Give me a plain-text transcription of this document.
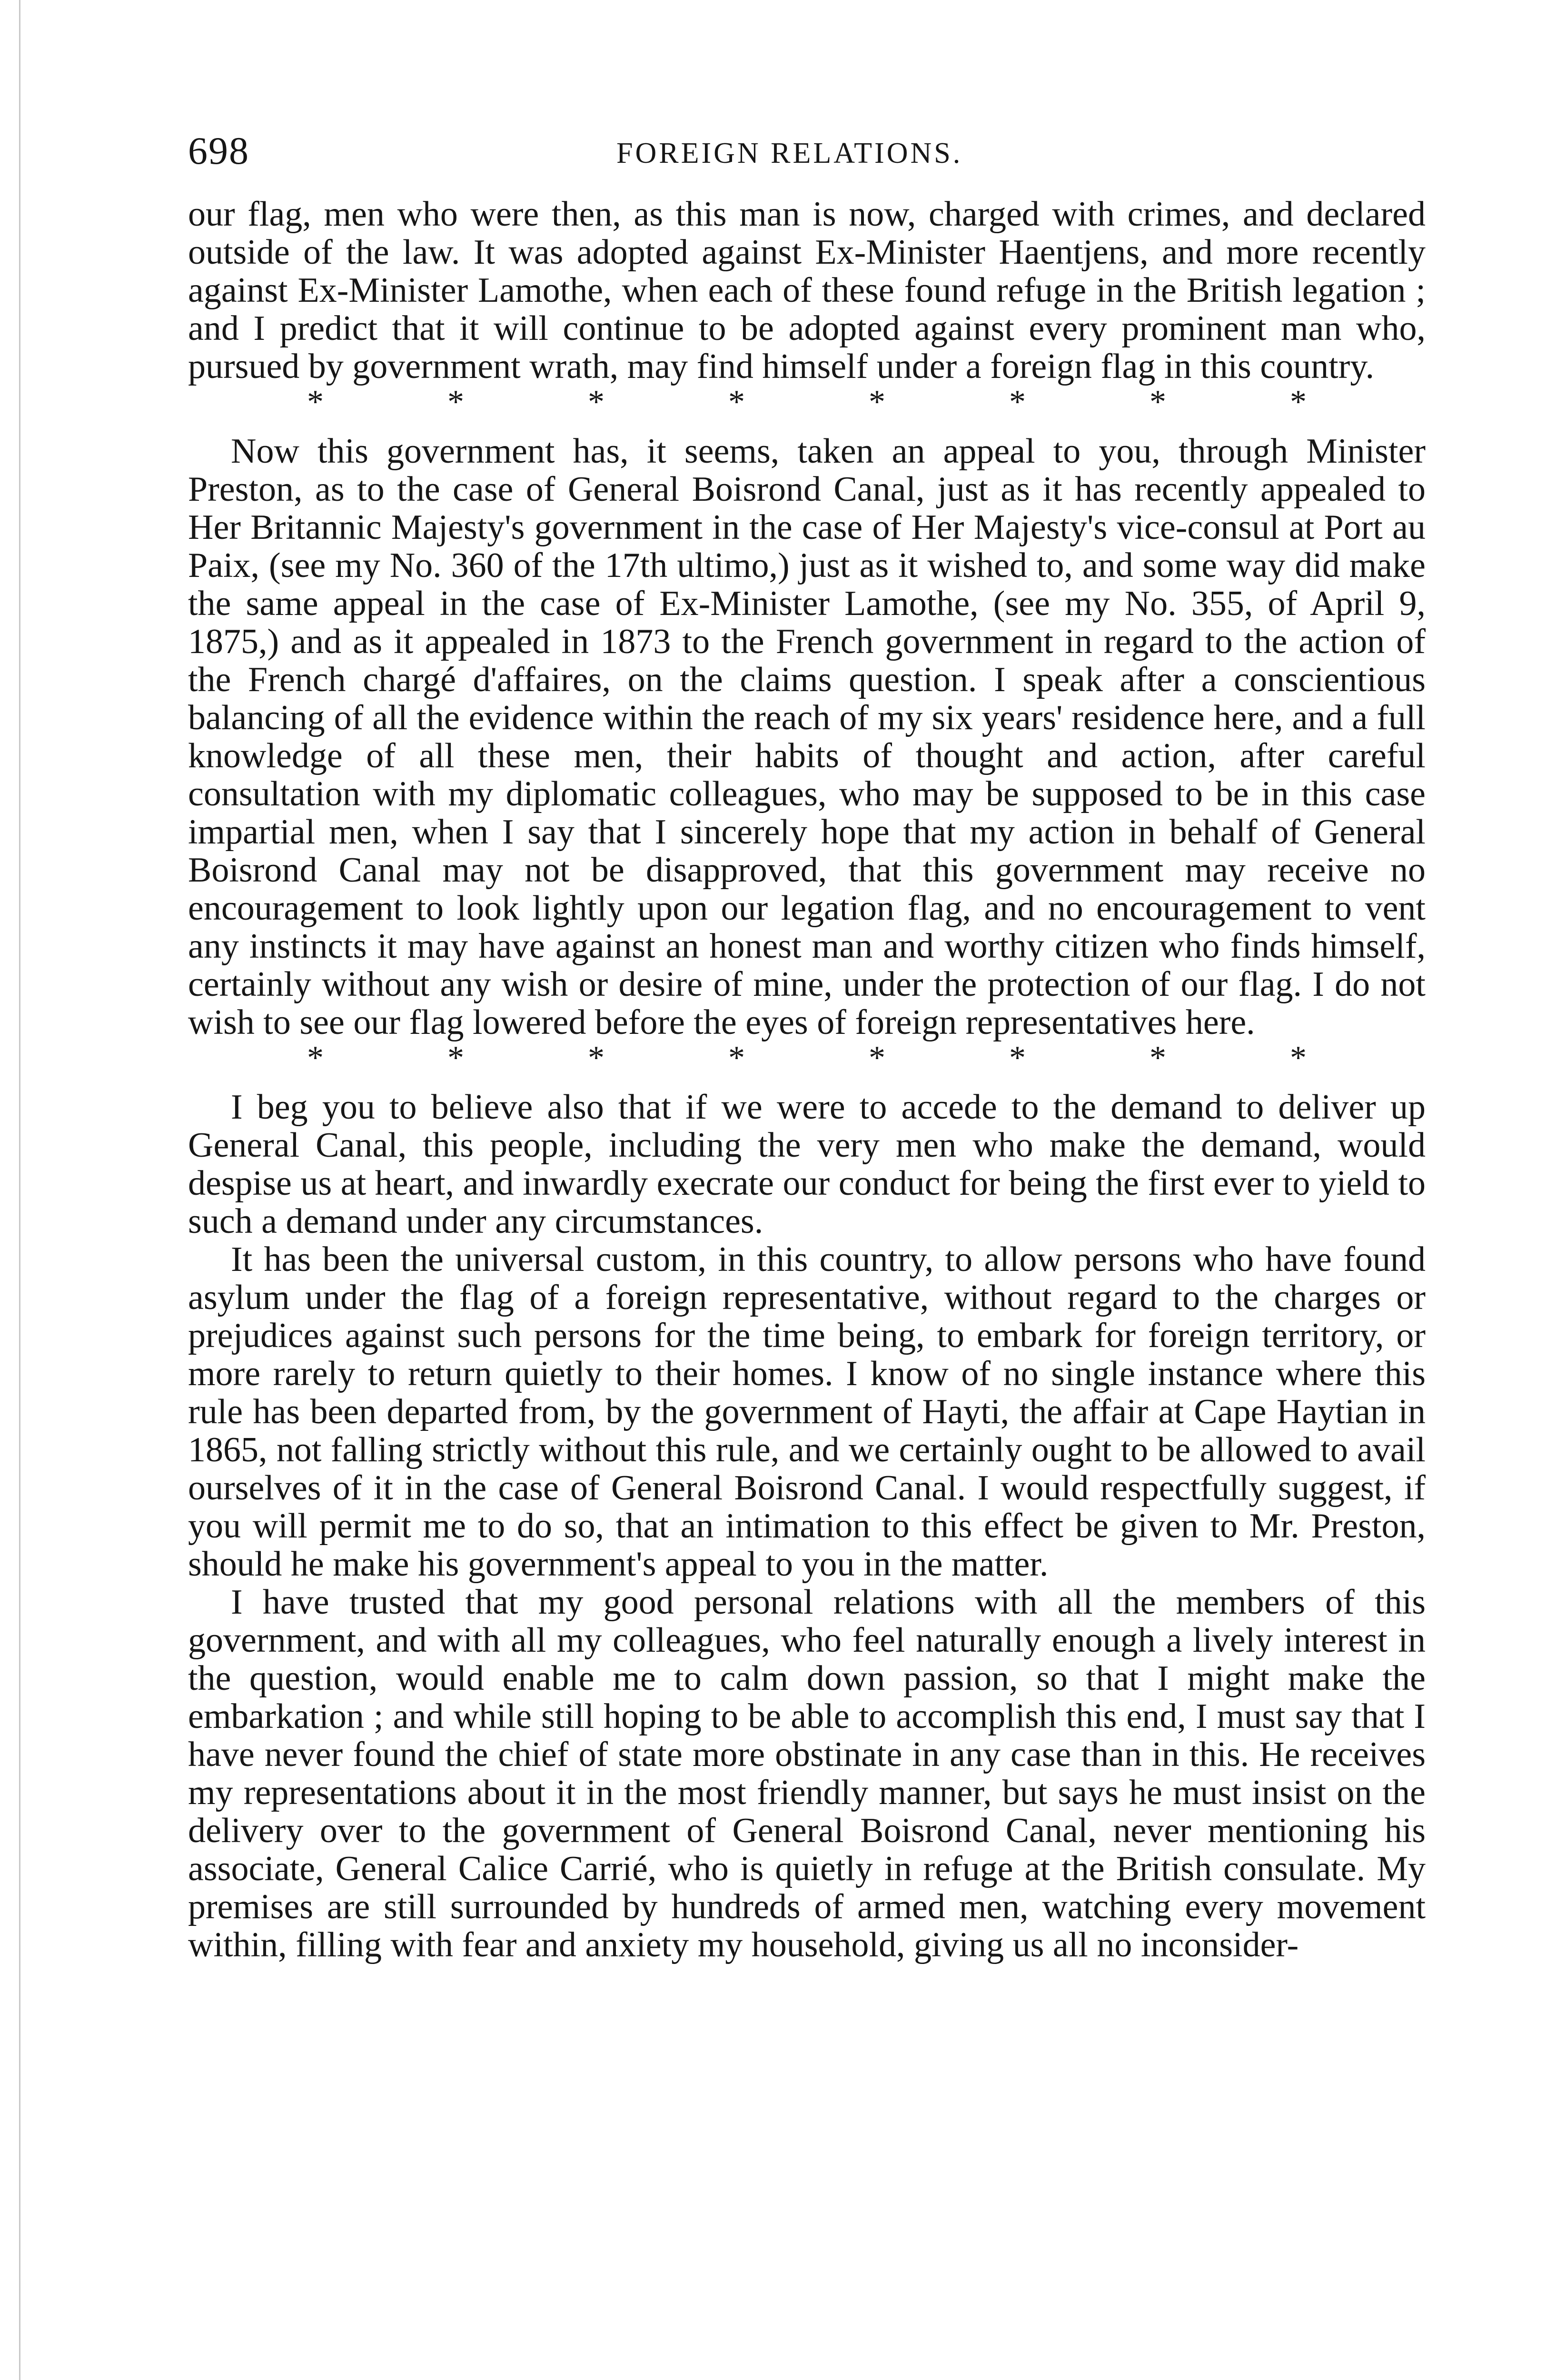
698	FOREIGN RELATIONS.

our flag, men who were then, as this man is now, charged with crimes, and declared outside of the law. It was adopted against Ex-Minister Haentjens, and more recently against Ex-Minister Lamothe, when each of these found refuge in the British legation ; and I predict that it will continue to be adopted against every prominent man who, pursued by government wrath, may find himself under a foreign flag in this country.

*	*	*	*	*	*	*	*

Now this government has, it seems, taken an appeal to you, through Minister Preston, as to the case of General Boisrond Canal, just as it has recently appealed to Her Britannic Majesty's government in the case of Her Majesty's vice-consul at Port au Paix, (see my No. 360 of the 17th ultimo,) just as it wished to, and some way did make the same appeal in the case of Ex-Minister Lamothe, (see my No. 355, of April 9, 1875,) and as it appealed in 1873 to the French government in regard to the action of the French chargé d'affaires, on the claims question. I speak after a conscientious balancing of all the evidence within the reach of my six years' residence here, and a full knowledge of all these men, their habits of thought and action, after careful consultation with my diplomatic colleagues, who may be supposed to be in this case impartial men, when I say that I sincerely hope that my action in behalf of General Boisrond Canal may not be disapproved, that this government may receive no encouragement to look lightly upon our legation flag, and no encouragement to vent any instincts it may have against an honest man and worthy citizen who finds himself, certainly without any wish or desire of mine, under the protection of our flag. I do not wish to see our flag lowered before the eyes of foreign representatives here.

*	*	*	*	*	*	*	*

I beg you to believe also that if we were to accede to the demand to deliver up General Canal, this people, including the very men who make the demand, would despise us at heart, and inwardly execrate our conduct for being the first ever to yield to such a demand under any circumstances.

It has been the universal custom, in this country, to allow persons who have found asylum under the flag of a foreign representative, without regard to the charges or prejudices against such persons for the time being, to embark for foreign territory, or more rarely to return quietly to their homes. I know of no single instance where this rule has been departed from, by the government of Hayti, the affair at Cape Haytian in 1865, not falling strictly without this rule, and we certainly ought to be allowed to avail ourselves of it in the case of General Boisrond Canal. I would respectfully suggest, if you will permit me to do so, that an intimation to this effect be given to Mr. Preston, should he make his government's appeal to you in the matter.

I have trusted that my good personal relations with all the members of this government, and with all my colleagues, who feel naturally enough a lively interest in the question, would enable me to calm down passion, so that I might make the embarkation ; and while still hoping to be able to accomplish this end, I must say that I have never found the chief of state more obstinate in any case than in this. He receives my representations about it in the most friendly manner, but says he must insist on the delivery over to the government of General Boisrond Canal, never mentioning his associate, General Calice Carrié, who is quietly in refuge at the British consulate. My premises are still surrounded by hundreds of armed men, watching every movement within, filling with fear and anxiety my household, giving us all no inconsider-
